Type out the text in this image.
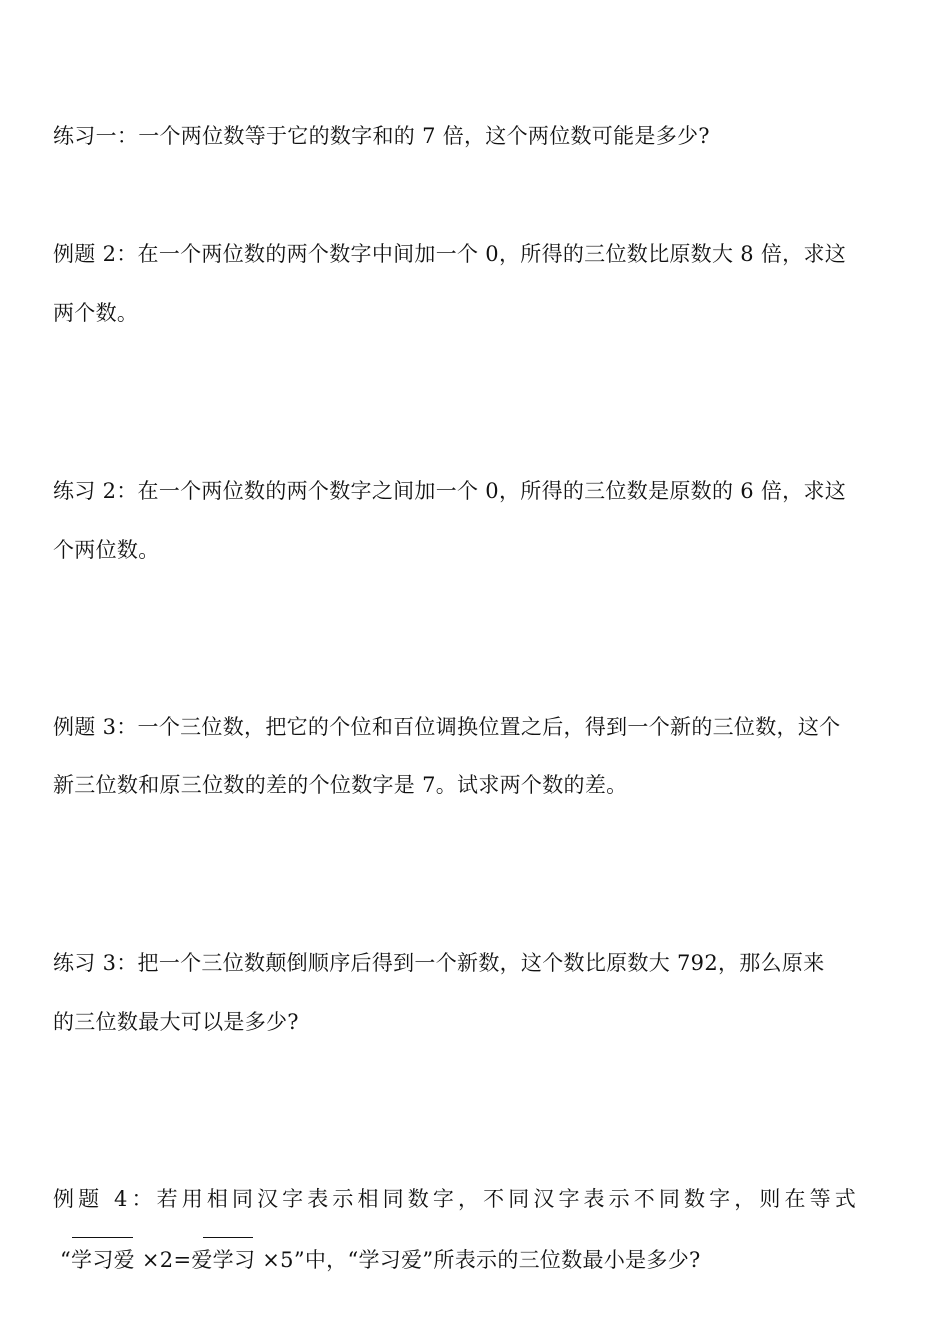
练习一：一个两位数等于它的数字和的 7 倍，这个两位数可能是多少?
例题 2：在一个两位数的两个数字中间加一个 0，所得的三位数比原数大 8 倍，求这
两个数。
练习 2：在一个两位数的两个数字之间加一个 0，所得的三位数是原数的 6 倍，求这
个两位数。
例题 3：一个三位数，把它的个位和百位调换位置之后，得到一个新的三位数，这个
新三位数和原三位数的差的个位数字是 7。试求两个数的差。
练习 3：把一个三位数颠倒顺序后得到一个新数，这个数比原数大 792，那么原来
的三位数最大可以是多少?
例题 4：若用相同汉字表示相同数字，不同汉字表示不同数字，则在等式
“学习爱 ×2=爱学习 ×5”中，“学习爱”所表示的三位数最小是多少?
